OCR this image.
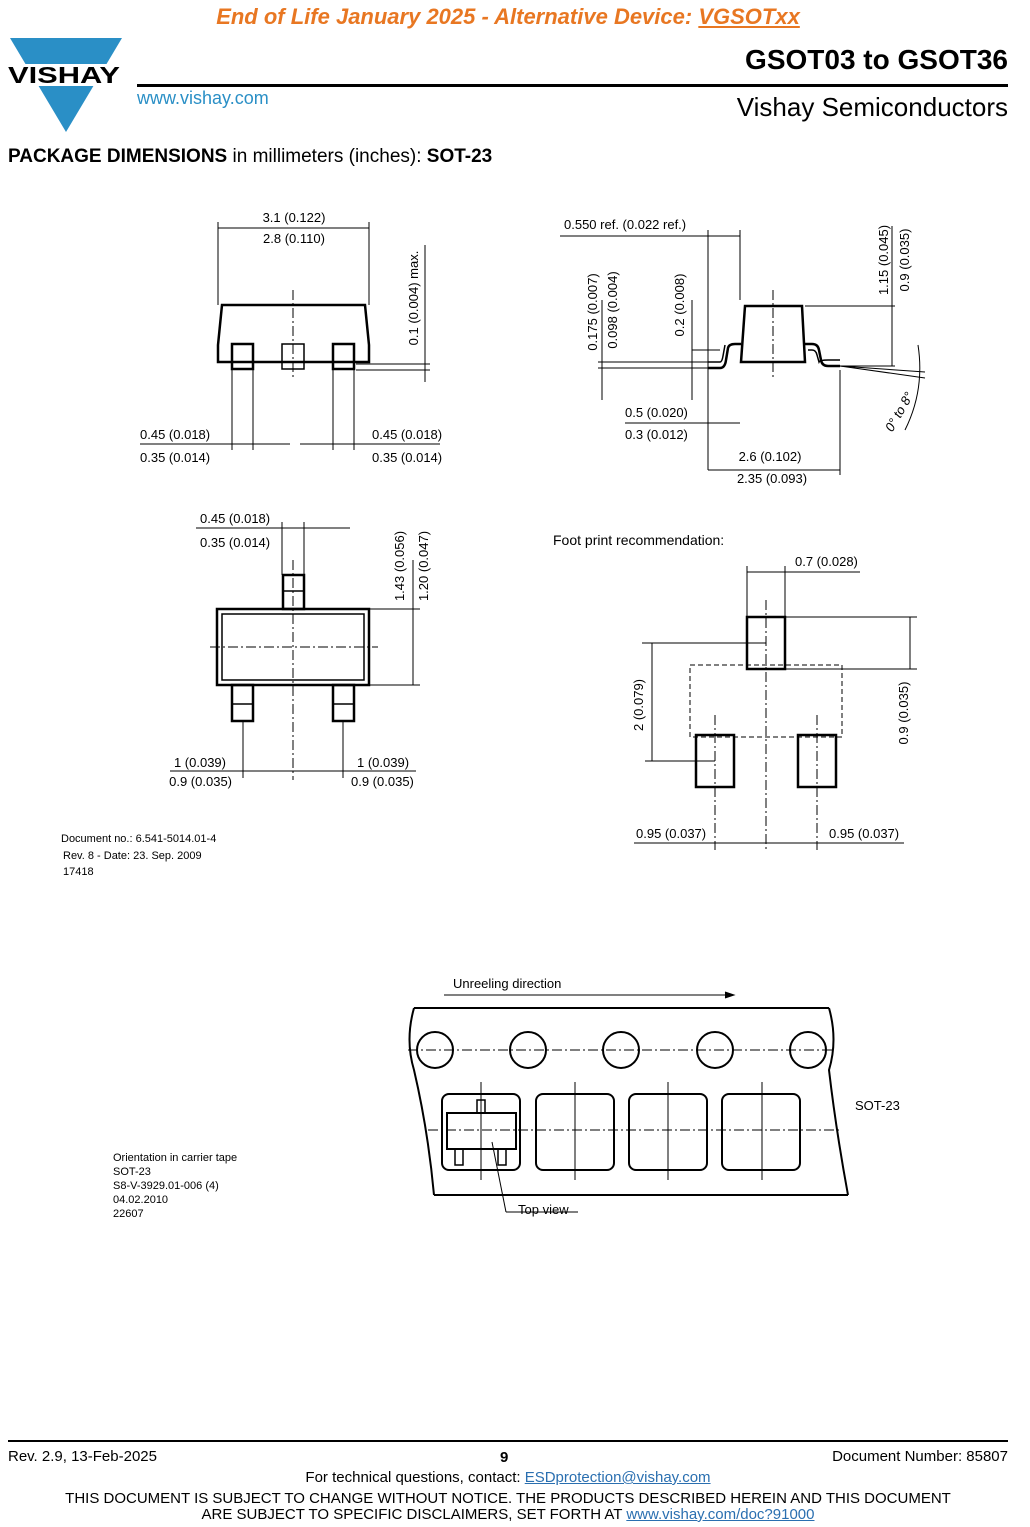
End of Life January 2025 - Alternative Device: VGSOTxx
VISHAY
www.vishay.com
GSOT03 to GSOT36
Vishay Semiconductors
PACKAGE DIMENSIONS in millimeters (inches): SOT-23
3.1 (0.122)
2.8 (0.110)
0.1 (0.004) max.
0.45 (0.018)
0.35 (0.014)
0.45 (0.018)
0.35 (0.014)
0.550 ref. (0.022 ref.)
0.175 (0.007) 0.098 (0.004)	0.2 (0.008)
1.15 (0.045) 0.9 (0.035)
0.5 (0.020)
0.3 (0.012)
2.6 (0.102)
2.35 (0.093)
0° to 8°
0.45 (0.018)
0.35 (0.014)	1.43 (0.056) 1.20 (0.047)
1 (0.039)
0.9 (0.035)
1 (0.039)
0.9 (0.035)
Foot print recommendation:
0.7 (0.028)
2 (0.079)	0.9 (0.035)
0.95 (0.037)	0.95 (0.037)
Document no.: 6.541-5014.01-4
Rev. 8 - Date: 23. Sep. 2009
17418
Unreeling direction
SOT-23
Top view
Orientation in carrier tape
SOT-23
S8-V-3929.01-006 (4)
04.02.2010
22607
Rev. 2.9, 13-Feb-2025	9	Document Number: 85807
For technical questions, contact: ESDprotection@vishay.com
THIS DOCUMENT IS SUBJECT TO CHANGE WITHOUT NOTICE. THE PRODUCTS DESCRIBED HEREIN AND THIS DOCUMENT
ARE SUBJECT TO SPECIFIC DISCLAIMERS, SET FORTH AT www.vishay.com/doc?91000
